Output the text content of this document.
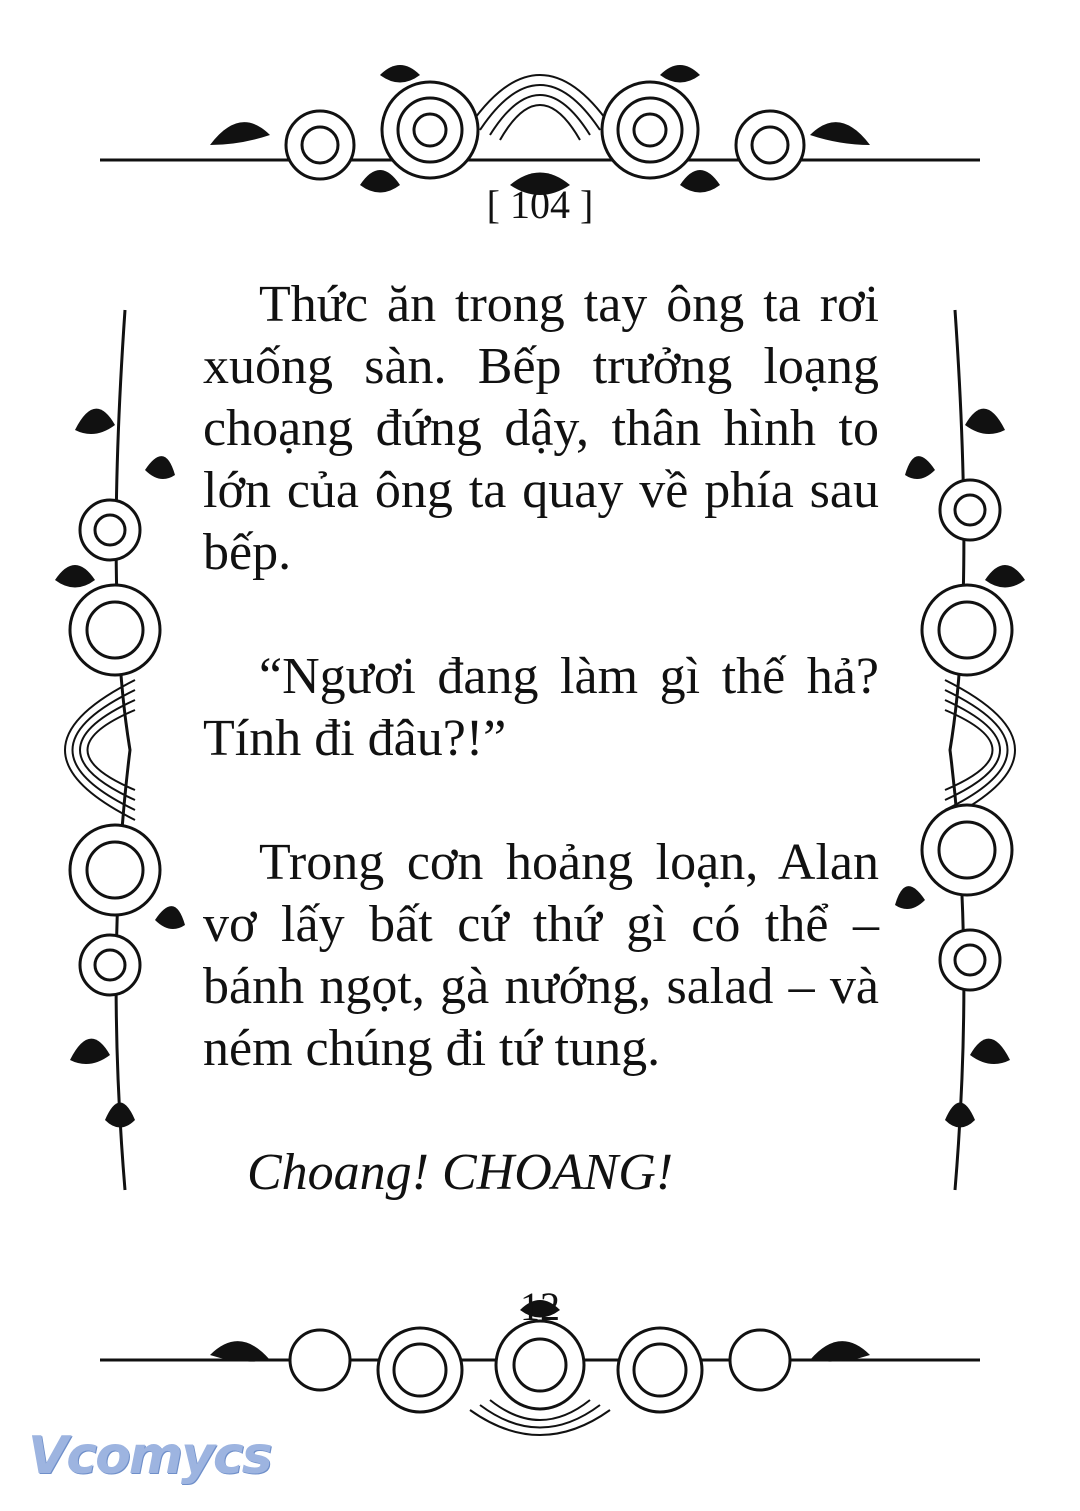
[ 104 ]

Thức ăn trong tay ông ta rơi xuống sàn. Bếp trưởng loạng choạng đứng dậy, thân hình to lớn của ông ta quay về phía sau bếp.

“Ngươi đang làm gì thế hả? Tính đi đâu?!”

Trong cơn hoảng loạn, Alan vơ lấy bất cứ thứ gì có thể – bánh ngọt, gà nướng, salad – và ném chúng đi tứ tung.

Choang! CHOANG!

12
Vcomycs
